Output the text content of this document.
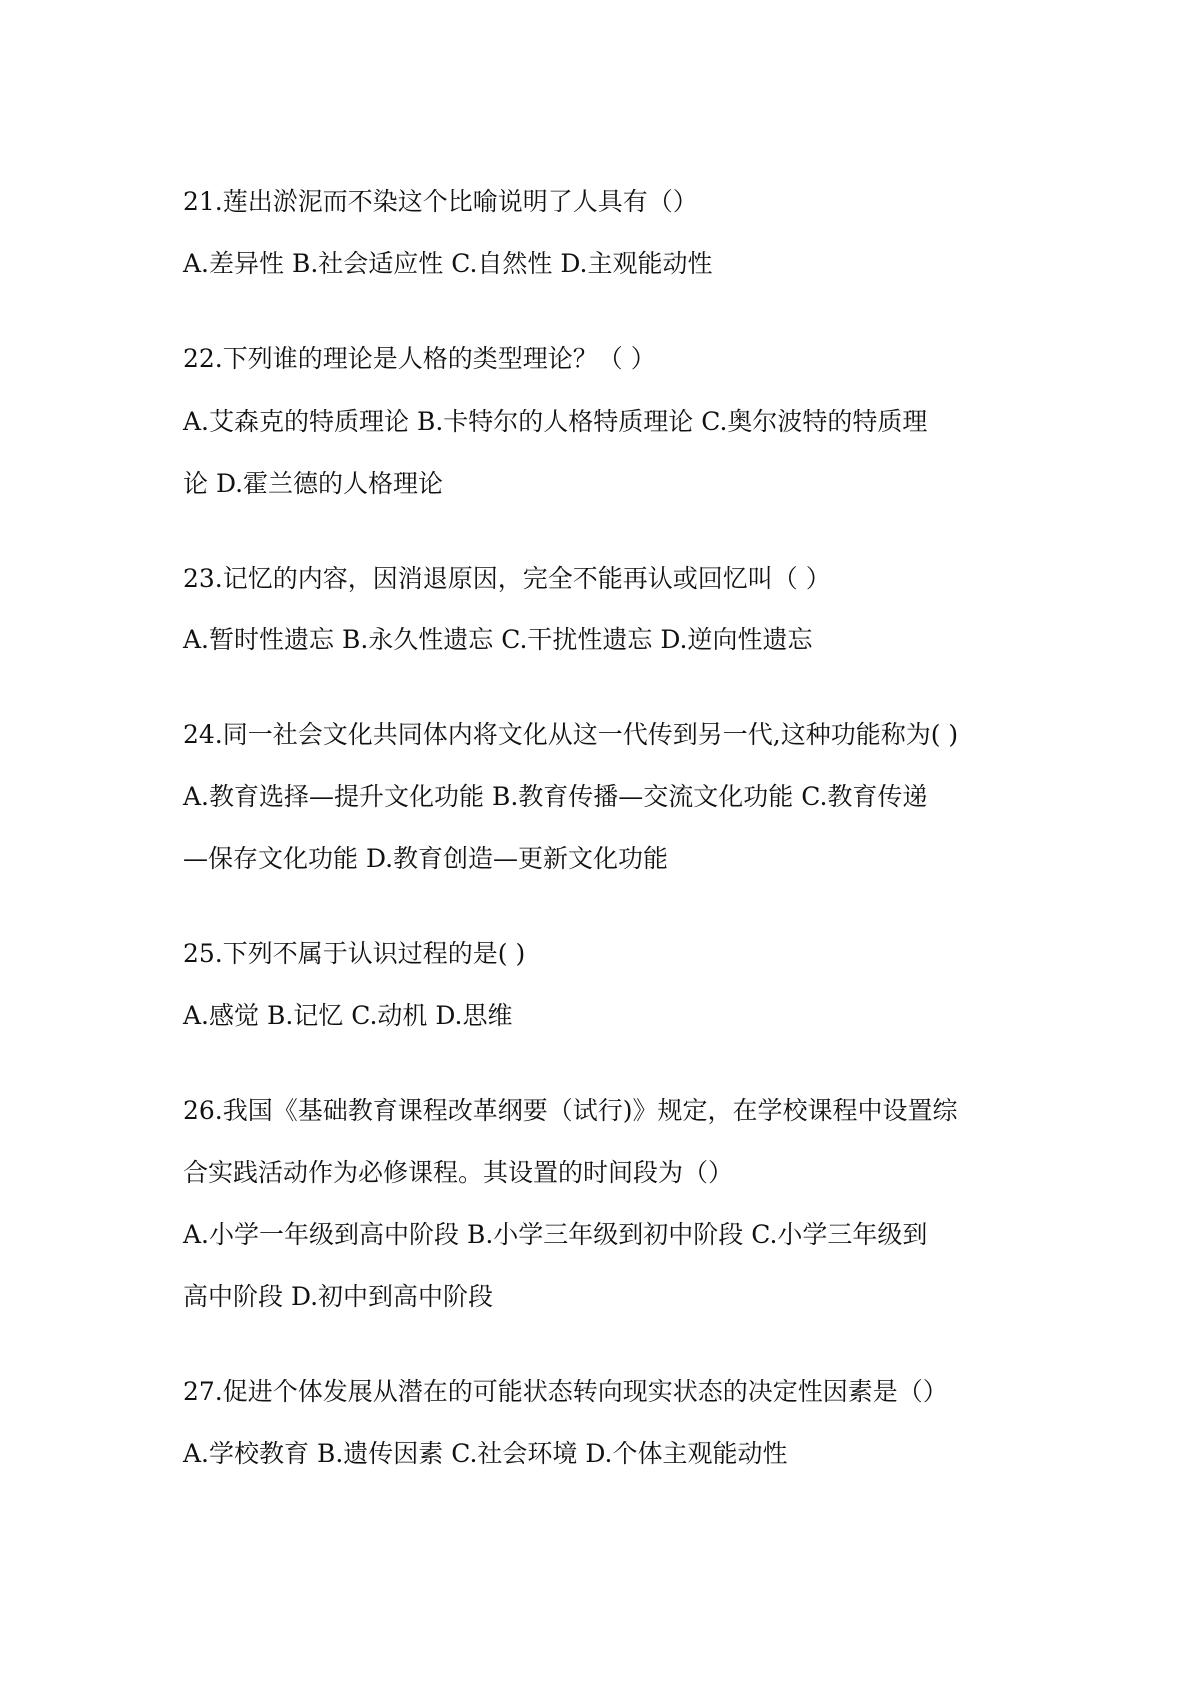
21.莲出淤泥而不染这个比喻说明了人具有（）
A.差异性 B.社会适应性 C.自然性 D.主观能动性
22.下列谁的理论是人格的类型理论？（ ）
A.艾森克的特质理论 B.卡特尔的人格特质理论 C.奥尔波特的特质理
论 D.霍兰德的人格理论
23.记忆的内容，因消退原因，完全不能再认或回忆叫（ ）
A.暂时性遗忘 B.永久性遗忘 C.干扰性遗忘 D.逆向性遗忘
24.同一社会文化共同体内将文化从这一代传到另一代,这种功能称为( )
A.教育选择—提升文化功能 B.教育传播—交流文化功能 C.教育传递
—保存文化功能 D.教育创造—更新文化功能
25.下列不属于认识过程的是( )
A.感觉 B.记忆 C.动机 D.思维
26.我国《基础教育课程改革纲要（试行)》规定，在学校课程中设置综
合实践活动作为必修课程。其设置的时间段为（）
A.小学一年级到高中阶段 B.小学三年级到初中阶段 C.小学三年级到
高中阶段 D.初中到高中阶段
27.促进个体发展从潜在的可能状态转向现实状态的决定性因素是（）
A.学校教育 B.遗传因素 C.社会环境 D.个体主观能动性
